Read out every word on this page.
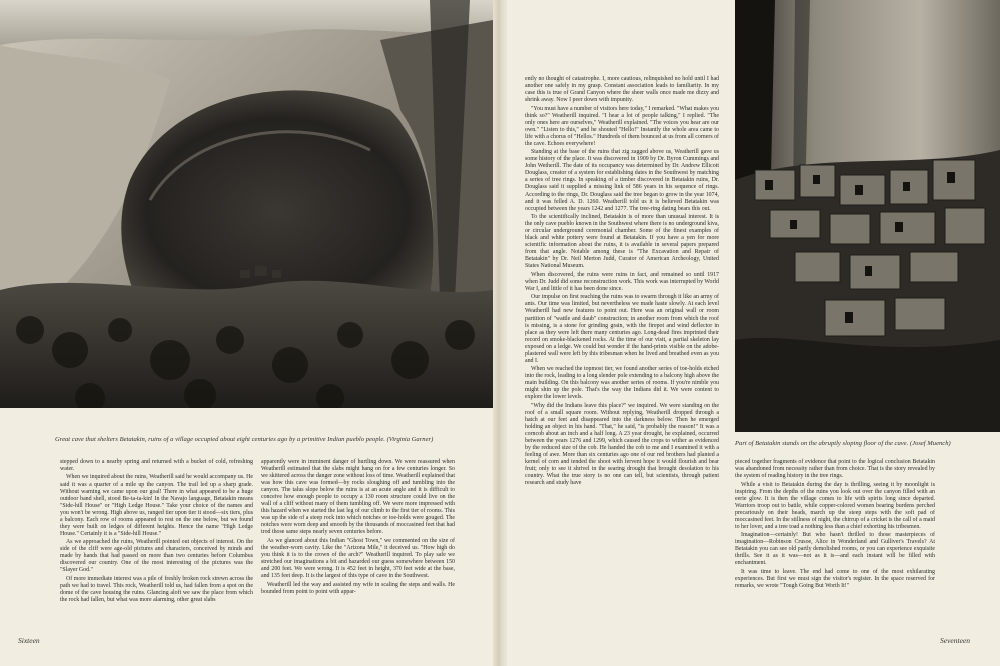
Great cave that shelters Betatakin, ruins of a village occupied about eight centuries ago by a primitive Indian pueblo people. (Virginia Garner)

stepped down to a nearby spring and returned with a bucket of cold, refreshing water.

When we inquired about the ruins, Weatherill said he would accompany us. He said it was a quarter of a mile up the canyon. The trail led up a sharp grade. Without warning we came upon our goal! There in what appeared to be a huge outdoor band shell, stood Be-ta-ta-kin! In the Navajo language, Betatakin means "Side-hill House" or "High Ledge House." Take your choice of the names and you won't be wrong. High above us, ranged tier upon tier it stood—six tiers, plus a balcony. Each row of rooms appeared to rest on the one below, but we found they were built on ledges of different heights. Hence the name "High Ledge House." Certainly it is a "Side-hill House."

As we approached the ruins, Weatherill pointed out objects of interest. On the side of the cliff were age-old pictures and characters, conceived by minds and made by hands that had passed on more than two centuries before Columbus discovered our country. One of the most interesting of the pictures was the "Slayer God."

Of more immediate interest was a pile of freshly broken rock strewn across the path we had to travel. This rock, Weatherill told us, had fallen from a spot on the dome of the cave housing the ruins. Glancing aloft we saw the place from which the rock had fallen, but what was more alarming, other great slabs

apparently were in imminent danger of hurtling down. We were reassured when Weatherill estimated that the slabs might hang on for a few centuries longer. So we skittered across the danger zone without loss of time. Weatherill explained that was how this cave was formed—by rocks sloughing off and tumbling into the canyon. The talus slope below the ruins is at an acute angle and it is difficult to conceive how enough people to occupy a 130 room structure could live on the wall of a cliff without many of them tumbling off. We were more impressed with this hazard when we started the last leg of our climb to the first tier of rooms. This was up the side of a steep rock into which notches or toe-holds were gouged. The notches were worn deep and smooth by the thousands of moccasined feet that had trod those same steps nearly seven centuries before.

As we glanced about this Indian "Ghost Town," we commented on the size of the weather-worn cavity. Like the "Arizona Mile," it deceived us. "How high do you think it is to the crown of the arch?" Weatherill inquired. To play safe we stretched our imaginations a bit and hazarded our guess somewhere between 150 and 200 feet. We were wrong. It is 452 feet in height, 370 feet wide at the base, and 135 feet deep. It is the largest of this type of cave in the Southwest.

Weatherill led the way and assisted my wife in scaling the steps and walls. He bounded from point to point with appar-

Sixteen

ently no thought of catastrophe. I, more cautious, relinquished no hold until I had another one safely in my grasp. Constant association leads to familiarity. In my case this is true of Grand Canyon where the sheer walls once made me dizzy and shrink away. Now I peer down with impunity.

"You must have a number of visitors here today," I remarked. "What makes you think so?" Weatherill inquired. "I hear a lot of people talking," I replied. "The only ones here are ourselves," Weatherill explained. "The voices you hear are our own." "Listen to this," and he shouted "Hello!" Instantly the whole area came to life with a chorus of "Hellos." Hundreds of them bounced at us from all corners of the cave. Echoes everywhere!

Standing at the base of the ruins that zig zagged above us, Weatherill gave us some history of the place. It was discovered in 1909 by Dr. Byron Cummings and John Wetherill. The date of its occupancy was determined by Dr. Andrew Ellicott Douglass, creator of a system for establishing dates in the Southwest by matching a series of tree rings. In speaking of a timber discovered in Betatakin ruins, Dr. Douglass said it supplied a missing link of 586 years in his sequence of rings. According to the rings, Dr. Douglass said the tree began to grow in the year 1074, and it was felled A. D. 1260. Weatherill told us it is believed Betatakin was occupied between the years 1242 and 1277. The tree-ring dating bears this out.

To the scientifically inclined, Betatakin is of more than unusual interest. It is the only cave pueblo known in the Southwest where there is no underground kiva, or circular underground ceremonial chamber. Some of the finest examples of black and white pottery were found at Betatakin. If you have a yen for more scientific information about the ruins, it is available in several papers prepared from that angle. Notable among these is "The Excavation and Repair of Betatakin" by Dr. Neil Merton Judd, Curator of American Archeology, United States National Museum.

When discovered, the ruins were ruins in fact, and remained so until 1917 when Dr. Judd did some reconstruction work. This work was interrupted by World War I, and little of it has been done since.

Our impulse on first reaching the ruins was to swarm through it like an army of ants. Our time was limited, but nevertheless we made haste slowly. At each level Weatherill had new features to point out. Here was an original wall or room partition of "wattle and daub" construction; in another room from which the roof is missing, is a stone for grinding grain, with the firepot and wind deflector in place as they were left there many centuries ago. Long-dead fires imprinted their record on smoke-blackened rocks. At the time of our visit, a partial skeleton lay exposed on a ledge. We could but wonder if the hand-prints visible on the adobe-plastered wall were left by this tribesman when he lived and breathed even as you and I.

When we reached the topmost tier, we found another series of toe-holds etched into the rock, leading to a long slender pole extending to a balcony high above the main building. On this balcony was another series of rooms. If you're nimble you might shin up the pole. That's the way the Indians did it. We were content to explore the lower levels.

"Why did the Indians leave this place?" we inquired. We were standing on the roof of a small square room. Without replying, Weatherill dropped through a hatch at our feet and disappeared into the darkness below. Then he emerged holding an object in his hand. "That," he said, "is probably the reason!" It was a corncob about an inch and a half long. A 23 year drought, he explained, occurred between the years 1276 and 1299, which caused the crops to wither as evidenced by the reduced size of the cob. He handed the cob to me and I examined it with a feeling of awe. More than six centuries ago one of our red brothers had planted a kernel of corn and tended the shoot with fervent hope it would flourish and bear fruit; only to see it shrivel in the searing drought that brought desolation to his country. What the true story is no one can tell, but scientists, through patient research and study have

Part of Betatakin stands on the abruptly sloping floor of the cave. (Josef Muench)

pieced together fragments of evidence that point to the logical conclusion Betatakin was abandoned from necessity rather than from choice. That is the story revealed by the system of reading history in the tree rings.

While a visit to Betatakin during the day is thrilling, seeing it by moonlight is inspiring. From the depths of the ruins you look out over the canyon filled with an eerie glow. It is then the village comes to life with spirits long since departed. Warriors troop out to battle, while copper-colored women bearing burdens perched precariously on their heads, march up the steep steps with the soft pad of moccasined feet. In the stillness of night, the chirrup of a cricket is the call of a maid to her lover, and a tree toad a nothing less than a chief exhorting his tribesmen.

Imagination—certainly! But who hasn't thrilled to those masterpieces of imagination—Robinson Crusoe, Alice in Wonderland and Gulliver's Travels? At Betatakin you can see old partly demolished rooms, or you can experience exquisite thrills. See it as it was—not as it is—and each instant will be filled with enchantment.

It was time to leave. The end had come to one of the most exhilarating experiences. But first we must sign the visitor's register. In the space reserved for remarks, we wrote "Tough Going But Worth It!"

Seventeen
